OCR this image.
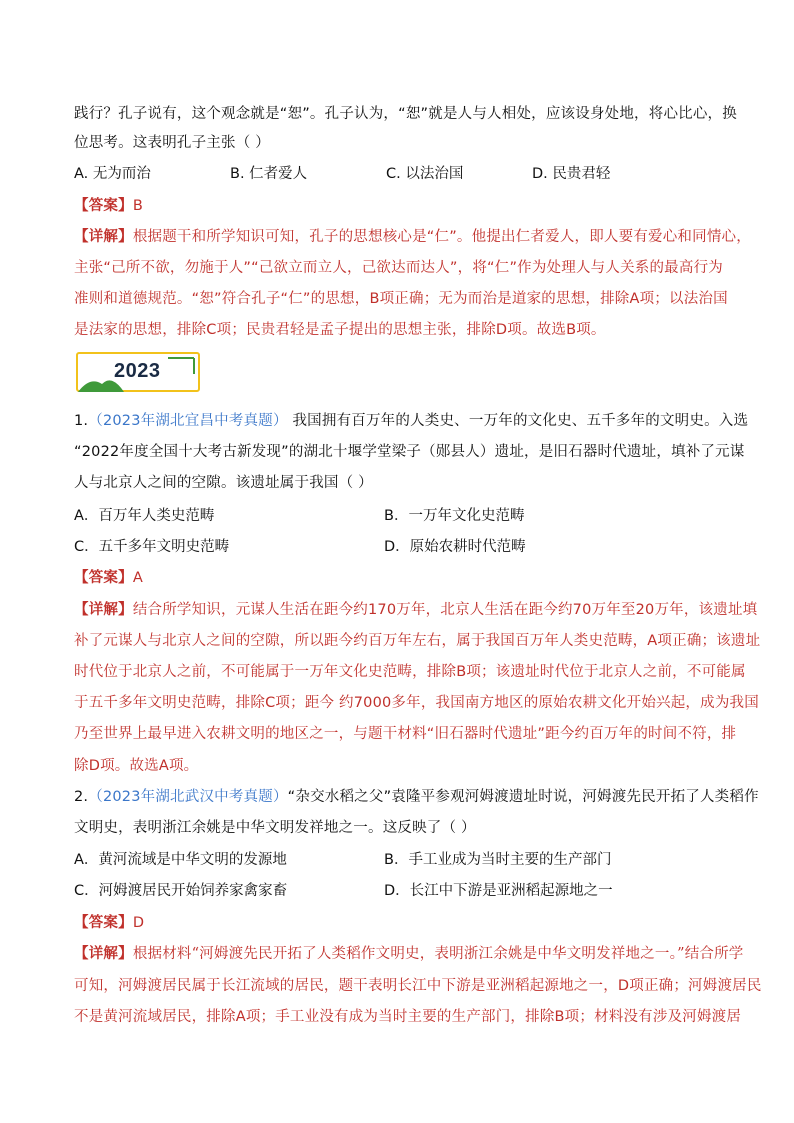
践行？孔子说有，这个观念就是“恕”。孔子认为，“恕”就是人与人相处，应该设身处地，将心比心，换
位思考。这表明孔子主张（ ）
A. 无为而治	B. 仁者爱人	C. 以法治国	D. 民贵君轻
【答案】B
【详解】根据题干和所学知识可知，孔子的思想核心是“仁”。他提出仁者爱人，即人要有爱心和同情心，
主张“己所不欲，勿施于人”“己欲立而立人，己欲达而达人”，将“仁”作为处理人与人关系的最高行为
准则和道德规范。“恕”符合孔子“仁”的思想，B项正确；无为而治是道家的思想，排除A项；以法治国
是法家的思想，排除C项；民贵君轻是孟子提出的思想主张，排除D项。故选B项。
2023
1.（2023年湖北宜昌中考真题） 我国拥有百万年的人类史、一万年的文化史、五千多年的文明史。入选
“2022年度全国十大考古新发现”的湖北十堰学堂梁子（郧县人）遗址，是旧石器时代遗址，填补了元谋
人与北京人之间的空隙。该遗址属于我国（ ）
A．百万年人类史范畴	B．一万年文化史范畴
C．五千多年文明史范畴	D．原始农耕时代范畴
【答案】A
【详解】结合所学知识，元谋人生活在距今约170万年，北京人生活在距今约70万年至20万年，该遗址填
补了元谋人与北京人之间的空隙，所以距今约百万年左右，属于我国百万年人类史范畴，A项正确；该遗址
时代位于北京人之前，不可能属于一万年文化史范畴，排除B项；该遗址时代位于北京人之前，不可能属
于五千多年文明史范畴，排除C项；距今 约7000多年，我国南方地区的原始农耕文化开始兴起，成为我国
乃至世界上最早进入农耕文明的地区之一，与题干材料“旧石器时代遗址”距今约百万年的时间不符，排
除D项。故选A项。
2.（2023年湖北武汉中考真题）“杂交水稻之父”袁隆平参观河姆渡遗址时说，河姆渡先民开拓了人类稻作
文明史，表明浙江余姚是中华文明发祥地之一。这反映了（ ）
A．黄河流域是中华文明的发源地	B．手工业成为当时主要的生产部门
C．河姆渡居民开始饲养家禽家畜	D．长江中下游是亚洲稻起源地之一
【答案】D
【详解】根据材料“河姆渡先民开拓了人类稻作文明史，表明浙江余姚是中华文明发祥地之一。”结合所学
可知，河姆渡居民属于长江流域的居民，题干表明长江中下游是亚洲稻起源地之一，D项正确；河姆渡居民
不是黄河流域居民，排除A项；手工业没有成为当时主要的生产部门，排除B项；材料没有涉及河姆渡居
